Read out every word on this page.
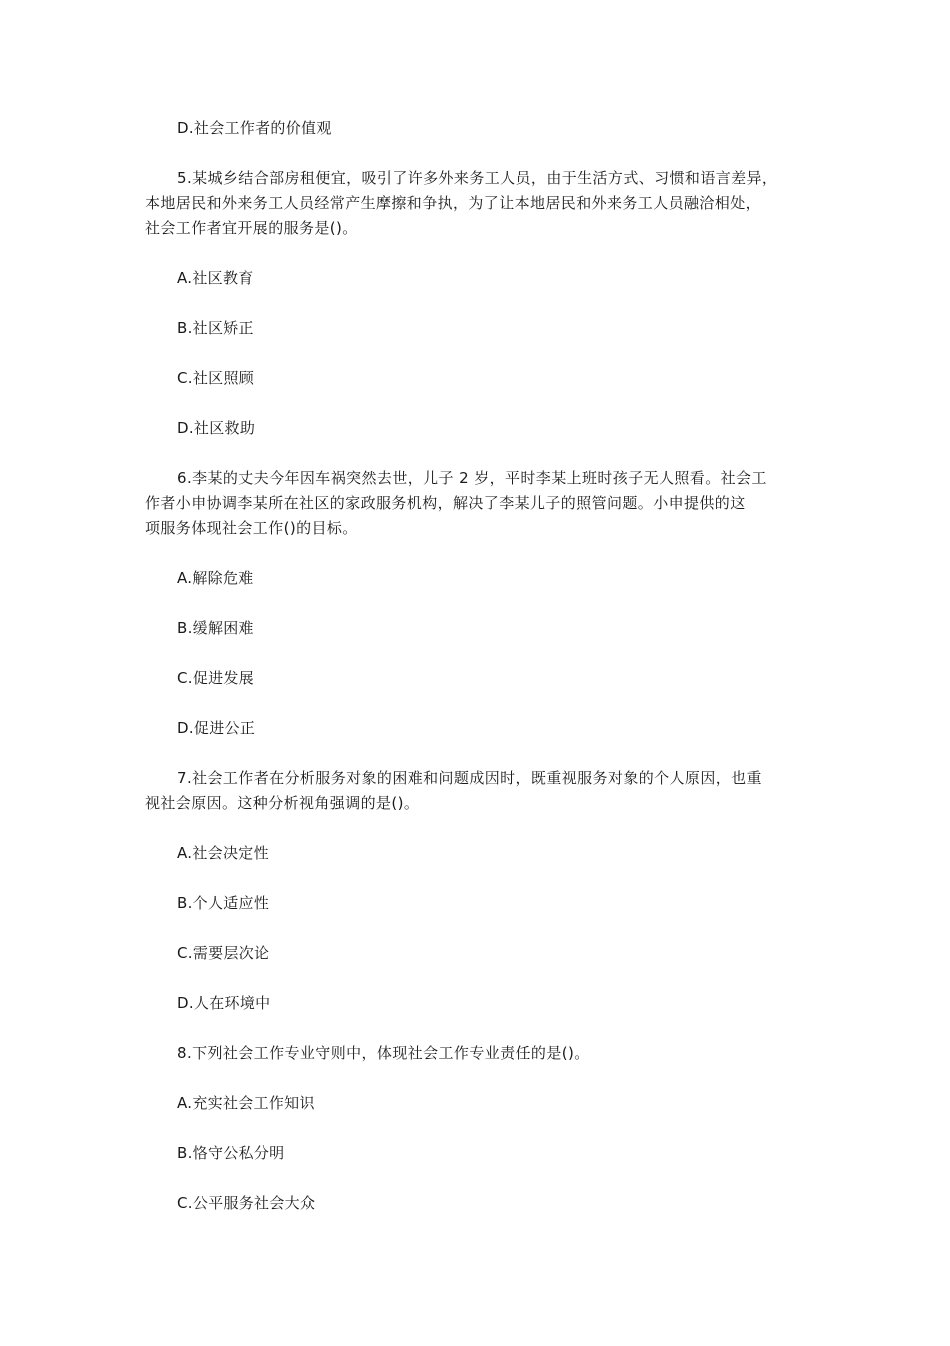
D.社会工作者的价值观
5.某城乡结合部房租便宜，吸引了许多外来务工人员，由于生活方式、习惯和语言差异，
本地居民和外来务工人员经常产生摩擦和争执，为了让本地居民和外来务工人员融洽相处，
社会工作者宜开展的服务是()。
A.社区教育
B.社区矫正
C.社区照顾
D.社区救助
6.李某的丈夫今年因车祸突然去世，儿子 2 岁，平时李某上班时孩子无人照看。社会工
作者小申协调李某所在社区的家政服务机构，解决了李某儿子的照管问题。小申提供的这
项服务体现社会工作()的目标。
A.解除危难
B.缓解困难
C.促进发展
D.促进公正
7.社会工作者在分析服务对象的困难和问题成因时，既重视服务对象的个人原因，也重
视社会原因。这种分析视角强调的是()。
A.社会决定性
B.个人适应性
C.需要层次论
D.人在环境中
8.下列社会工作专业守则中，体现社会工作专业责任的是()。
A.充实社会工作知识
B.恪守公私分明
C.公平服务社会大众
